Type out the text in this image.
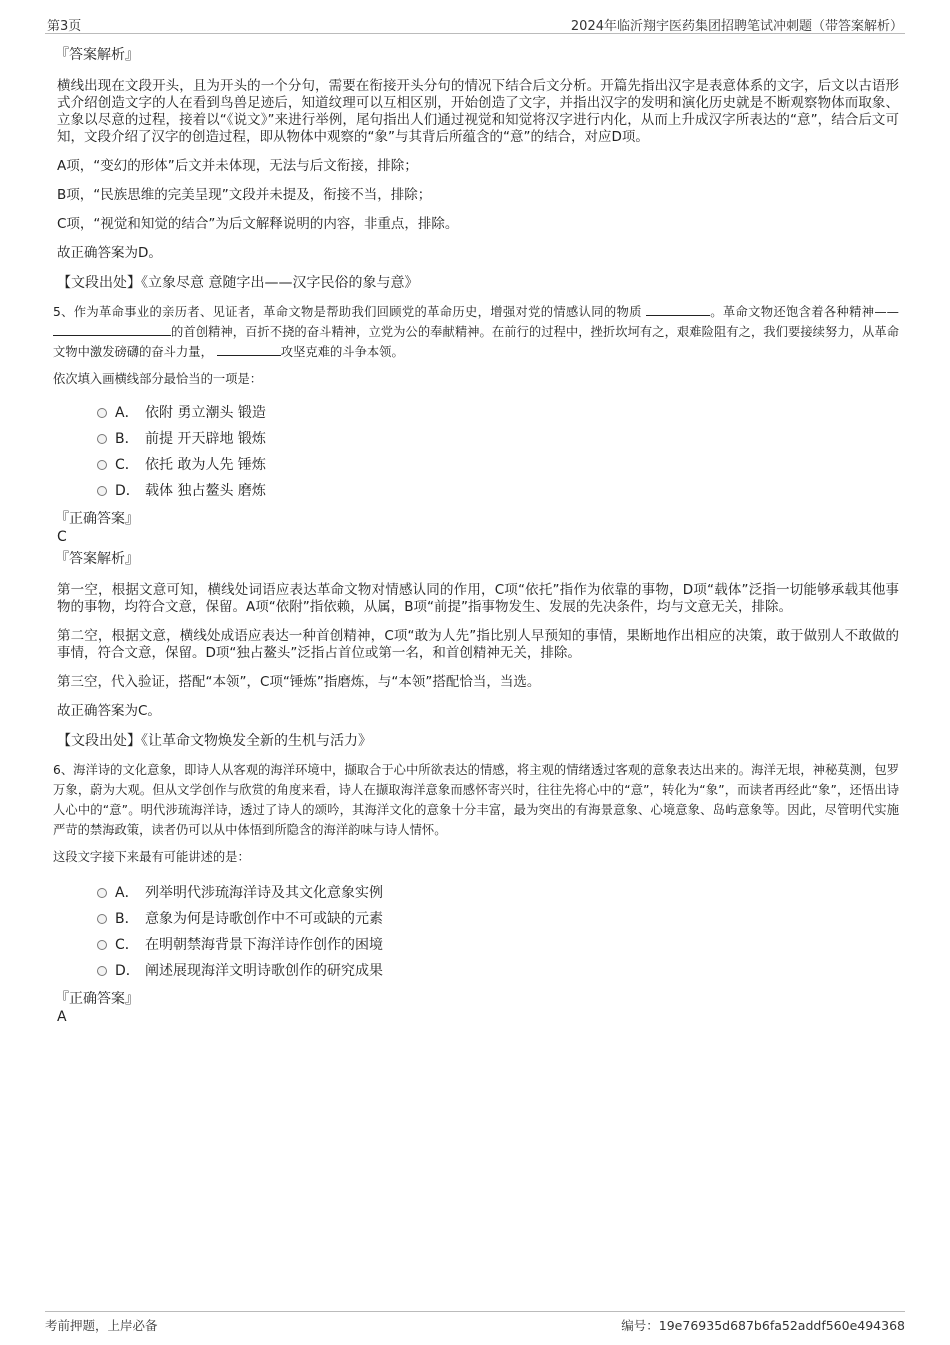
第3页	2024年临沂翔宇医药集团招聘笔试冲刺题（带答案解析）
『答案解析』

横线出现在文段开头，且为开头的一个分句，需要在衔接开头分句的情况下结合后文分析。开篇先指出汉字是表意体系的文字，后文以古语形式介绍创造文字的人在看到鸟兽足迹后，知道纹理可以互相区别，开始创造了文字，并指出汉字的发明和演化历史就是不断观察物体而取象、立象以尽意的过程，接着以“《说文》”来进行举例，尾句指出人们通过视觉和知觉将汉字进行内化，从而上升成汉字所表达的“意”，结合后文可知，文段介绍了汉字的创造过程，即从物体中观察的“象”与其背后所蕴含的“意”的结合，对应D项。

A项，“变幻的形体”后文并未体现，无法与后文衔接，排除；

B项，“民族思维的完美呈现”文段并未提及，衔接不当，排除；

C项，“视觉和知觉的结合”为后文解释说明的内容，非重点，排除。

故正确答案为D。

【文段出处】《立象尽意 意随字出——汉字民俗的象与意》

5、作为革命事业的亲历者、见证者，革命文物是帮助我们回顾党的革命历史，增强对党的情感认同的物质	。革命文物还饱含着各种精神—— 的首创精神，百折不挠的奋斗精神，立党为公的奉献精神。在前行的过程中，挫折坎坷有之，艰难险阻有之，我们要接续努力，从革命文物中激发磅礴的奋斗力量，	攻坚克难的斗争本领。

依次填入画横线部分最恰当的一项是：
A． 依附 勇立潮头 锻造
B． 前提 开天辟地 锻炼
C． 依托 敢为人先 锤炼
D． 载体 独占鳌头 磨炼
『正确答案』
C
『答案解析』

第一空，根据文意可知，横线处词语应表达革命文物对情感认同的作用，C项“依托”指作为依靠的事物，D项“载体”泛指一切能够承载其他事物的事物，均符合文意，保留。A项“依附”指依赖，从属，B项“前提”指事物发生、发展的先决条件，均与文意无关，排除。

第二空，根据文意，横线处成语应表达一种首创精神，C项“敢为人先”指比别人早预知的事情，果断地作出相应的决策，敢于做别人不敢做的事情，符合文意，保留。D项“独占鳌头”泛指占首位或第一名，和首创精神无关，排除。

第三空，代入验证，搭配“本领”，C项“锤炼”指磨炼，与“本领”搭配恰当，当选。

故正确答案为C。

【文段出处】《让革命文物焕发全新的生机与活力》

6、海洋诗的文化意象，即诗人从客观的海洋环境中，撷取合于心中所欲表达的情感，将主观的情绪透过客观的意象表达出来的。海洋无垠，神秘莫测，包罗万象，蔚为大观。但从文学创作与欣赏的角度来看，诗人在撷取海洋意象而感怀寄兴时，往往先将心中的“意”，转化为“象”，而读者再经此“象”，还悟出诗人心中的“意”。明代涉琉海洋诗，透过了诗人的颂吟，其海洋文化的意象十分丰富，最为突出的有海景意象、心境意象、岛屿意象等。因此，尽管明代实施严苛的禁海政策，读者仍可以从中体悟到所隐含的海洋韵味与诗人情怀。

这段文字接下来最有可能讲述的是：
A． 列举明代涉琉海洋诗及其文化意象实例
B． 意象为何是诗歌创作中不可或缺的元素
C． 在明朝禁海背景下海洋诗作创作的困境
D． 阐述展现海洋文明诗歌创作的研究成果
『正确答案』
A
考前押题，上岸必备	编号：19e76935d687b6fa52addf560e494368
